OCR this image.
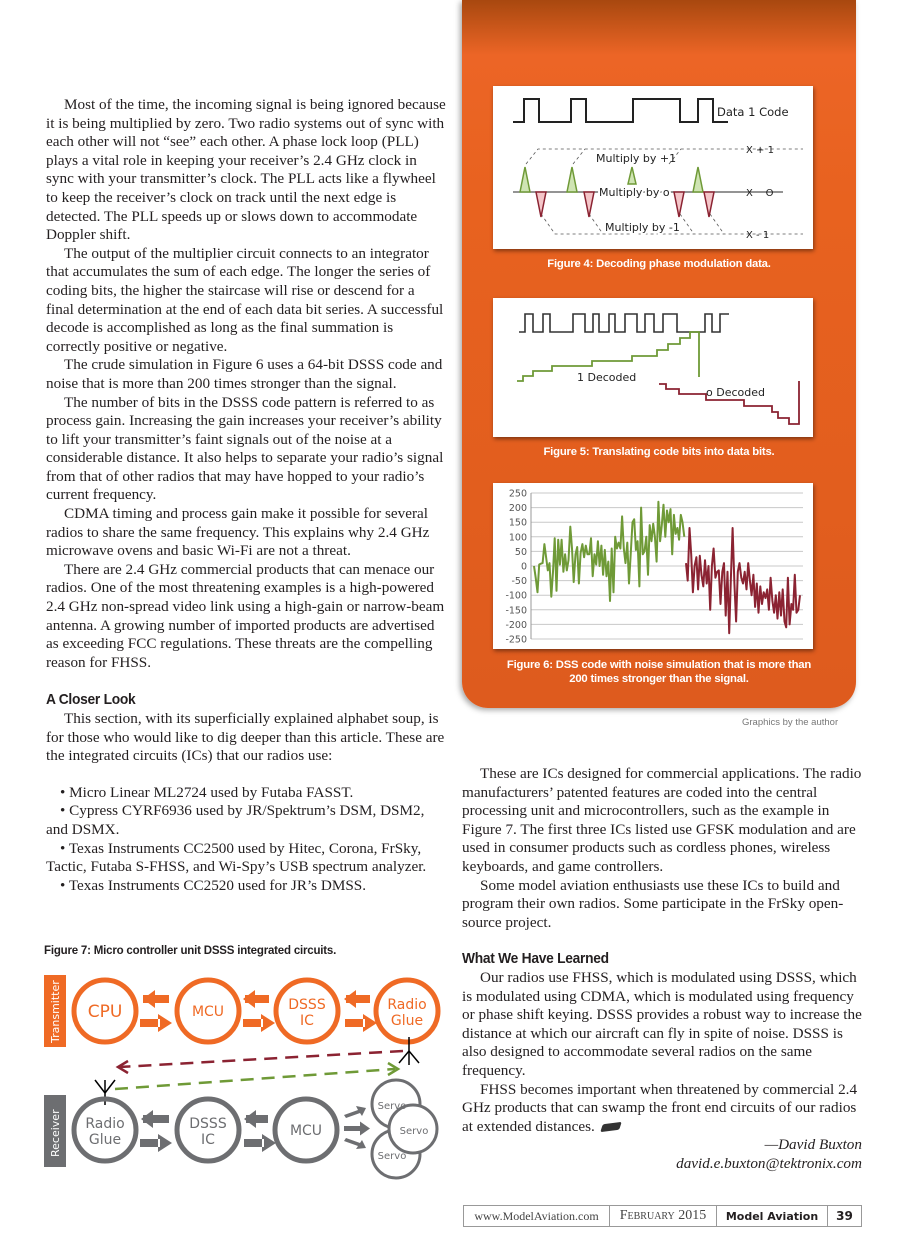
Most of the time, the incoming signal is being ignored because it is being multiplied by zero. Two radio systems out of sync with each other will not “see” each other. A phase lock loop (PLL) plays a vital role in keeping your receiver’s 2.4 GHz clock in sync with your transmitter’s clock. The PLL acts like a flywheel to keep the receiver’s clock on track until the next edge is detected. The PLL speeds up or slows down to accommodate Doppler shift.

The output of the multiplier circuit connects to an integrator that accumulates the sum of each edge. The longer the series of coding bits, the higher the staircase will rise or descend for a final determination at the end of each data bit series. A successful decode is accomplished as long as the final summation is correctly positive or negative.

The crude simulation in Figure 6 uses a 64-bit DSSS code and noise that is more than 200 times stronger than the signal.

The number of bits in the DSSS code pattern is referred to as process gain. Increasing the gain increases your receiver’s ability to lift your transmitter’s faint signals out of the noise at a considerable distance. It also helps to separate your radio’s signal from that of other radios that may have hopped to your radio’s current frequency.

CDMA timing and process gain make it possible for several radios to share the same frequency. This explains why 2.4 GHz microwave ovens and basic Wi-Fi are not a threat.

There are 2.4 GHz commercial products that can menace our radios. One of the most threatening examples is a high-powered 2.4 GHz non-spread video link using a high-gain or narrow-beam antenna. A growing number of imported products are advertised as exceeding FCC regulations. These threats are the compelling reason for FHSS.

A Closer Look

This section, with its superficially explained alphabet soup, is for those who would like to dig deeper than this article. These are the integrated circuits (ICs) that our radios use:

• Micro Linear ML2724 used by Futaba FASST.

• Cypress CYRF6936 used by JR/Spektrum’s DSM, DSM2, and DSMX.

• Texas Instruments CC2500 used by Hitec, Corona, FrSky, Tactic, Futaba S-FHSS, and Wi-Spy’s USB spectrum analyzer.

• Texas Instruments CC2520 used for JR’s DMSS.

Figure 7: Micro controller unit DSSS integrated circuits.
Transmitter
Receiver
CPU	MCU	DSSS IC
Radio Glue
Radio Glue
DSSS IC
MCU
Servo
Servo
Servo
Data 1 Code
Multiply by +1
Multiply by o
Multiply by -1
X + 1
X    O
X - 1
Figure 4: Decoding phase modulation data.
1 Decoded
o Decoded
Figure 5: Translating code bits into data bits.
250
200
150
100
50
0
-50
-100
-150
-200
-250
Figure 6: DSS code with noise simulation that is more than
200 times stronger than the signal.
Graphics by the author

These are ICs designed for commercial applications. The radio manufacturers’ patented features are coded into the central processing unit and microcontrollers, such as the example in Figure 7. The first three ICs listed use GFSK modulation and are used in consumer products such as cordless phones, wireless keyboards, and game controllers.

Some model aviation enthusiasts use these ICs to build and program their own radios. Some participate in the FrSky open-source project.

What We Have Learned

Our radios use FHSS, which is modulated using DSSS, which is modulated using CDMA, which is modulated using frequency or phase shift keying. DSSS provides a robust way to increase the distance at which our aircraft can fly in spite of noise. DSSS is also designed to accommodate several radios on the same frequency.

FHSS becomes important when threatened by commercial 2.4 GHz products that can swamp the front end circuits of our radios at extended distances.

—David Buxton
david.e.buxton@tektronix.com
www.ModelAviation.com	February 2015	Model Aviation	39
